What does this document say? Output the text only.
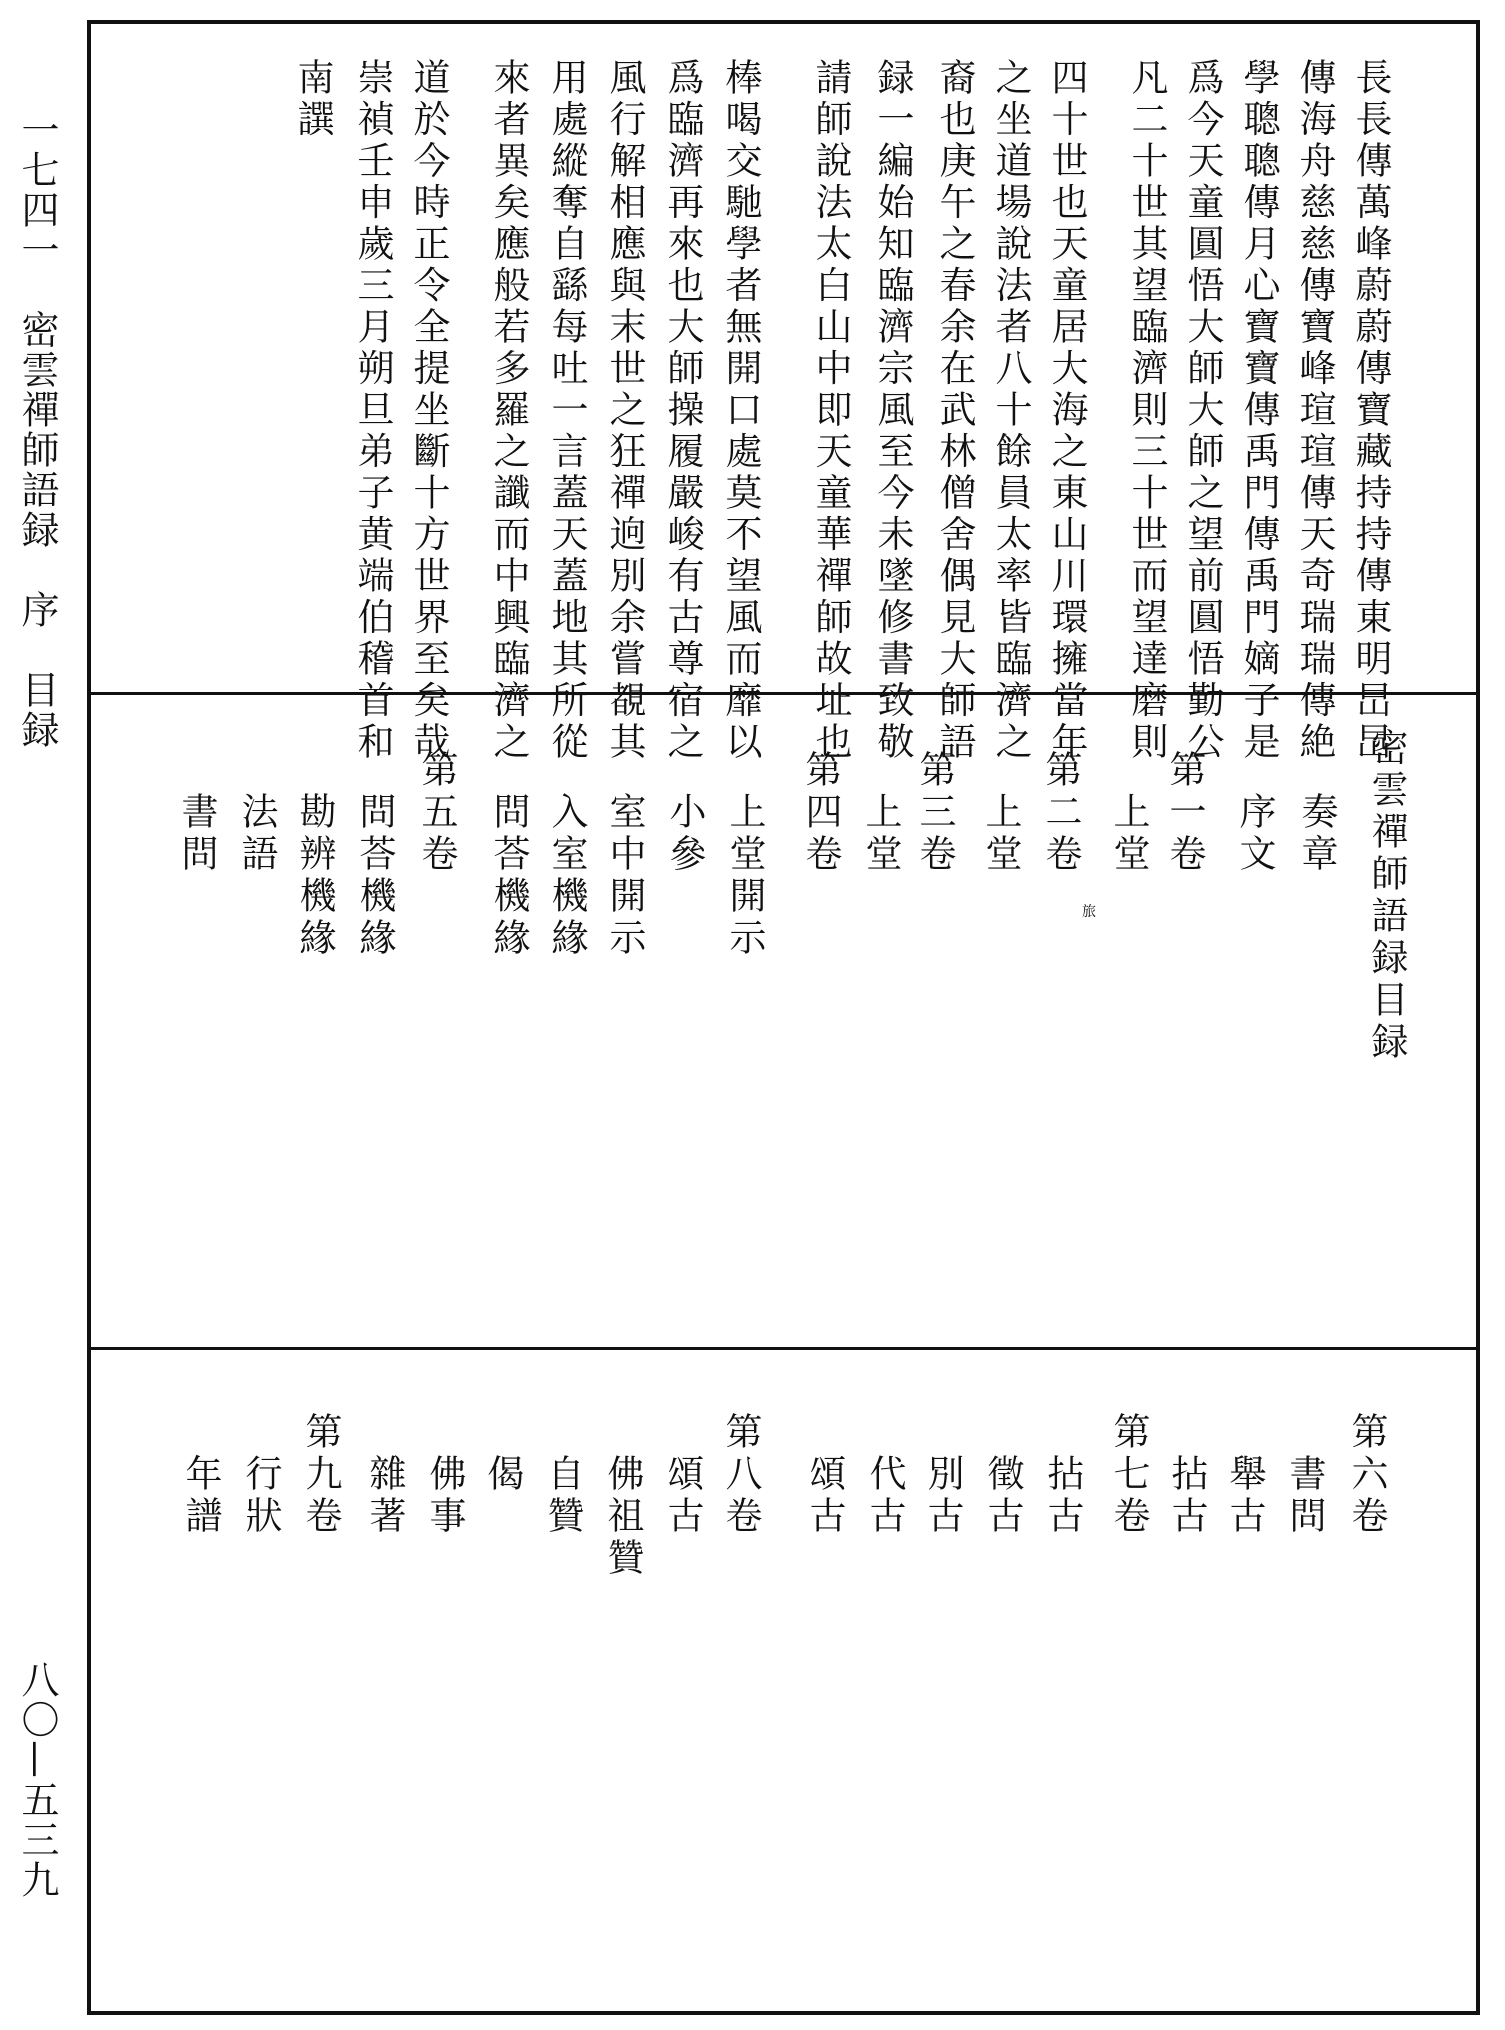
一七四一　密雲禪師語録　序　目録
八〇—五三九
長長傳萬峰蔚蔚傳寶藏持持傳東明旵旵
傳海舟慈慈傳寶峰瑄瑄傳天奇瑞瑞傳絶
學聰聰傳月心寶寶傳禹門傳禹門嫡子是
爲今天童圓悟大師大師之望前圓悟勤公
凡二十世其望臨濟則三十世而望達磨則
四十世也天童居大海之東山川環擁當年
之坐道場說法者八十餘員太率皆臨濟之
裔也庚午之春余在武林僧舍偶見大師語
録一編始知臨濟宗風至今未墜修書致敬
請師說法太白山中即天童華禪師故址也
棒喝交馳學者無開口處莫不望風而靡以
爲臨濟再來也大師操履嚴峻有古尊宿之
風行解相應與末世之狂禪逈別余嘗覩其
用處縱奪自繇每吐一言蓋天蓋地其所從
來者異矣應般若多羅之讖而中興臨濟之
道於今時正令全提坐斷十方世界至矣哉
崇禎壬申歲三月朔旦弟子黄端伯稽首和
南譔
密雲禪師語録目録
　奏章
　序文
第一卷
　上堂
第二卷
　上堂
第三卷
　上堂
第四卷
　上堂開示
　小參
　室中開示
　入室機緣
　問荅機緣
第五卷
　問荅機緣
　勘辨機緣
　法語
　書問
旅
第六卷
　書問
　舉古
　拈古
第七卷
　拈古
　徵古
　別古
　代古
　頌古
第八卷
　頌古
　佛祖贊
　自贊
　偈
　佛事
　雜著
第九卷
　行狀
　年譜
